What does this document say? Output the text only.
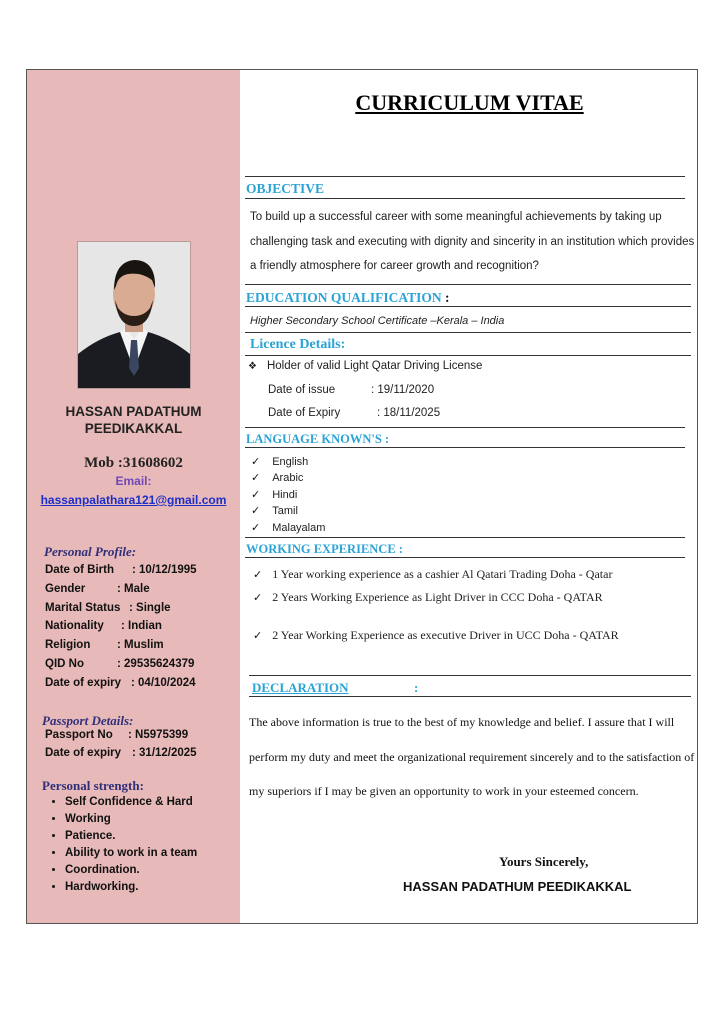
HASSAN PADATHUM PEEDIKAKKAL
Mob :31608602
Email:
hassanpalathara121@gmail.com
Personal Profile:
Date of Birth : 10/12/1995
Gender	: Male
Marital Status : Single
Nationality : Indian
Religion : Muslim
QID No	: 29535624379
Date of expiry : 04/10/2024
Passport Details:
Passport No : N5975399
Date of expiry : 31/12/2025
Personal strength:
• Self Confidence & Hard
• Working
• Patience.
• Ability to work in a team
• Coordination.
• Hardworking.
CURRICULUM VITAE
OBJECTIVE
To build up a successful career with some meaningful achievements by taking up challenging task and executing with dignity and sincerity in an institution which provides a friendly atmosphere for career growth and recognition?
EDUCATION QUALIFICATION :
Higher Secondary School Certificate –Kerala – India
Licence Details:
❖ Holder of valid Light Qatar Driving License
Date of issue	: 19/11/2020
Date of Expiry	: 18/11/2025
LANGUAGE KNOWN'S :
✓ English
✓ Arabic
✓ Hindi
✓ Tamil
✓ Malayalam
WORKING EXPERIENCE :
✓ 1 Year working experience as a cashier Al Qatari Trading Doha - Qatar
✓ 2 Years Working Experience as Light Driver in CCC Doha - QATAR
✓ 2 Year Working Experience as executive Driver in UCC Doha - QATAR
DECLARATION	:
The above information is true to the best of my knowledge and belief. I assure that I will perform my duty and meet the organizational requirement sincerely and to the satisfaction of my superiors if I may be given an opportunity to work in your esteemed concern.
Yours Sincerely,
HASSAN PADATHUM PEEDIKAKKAL
